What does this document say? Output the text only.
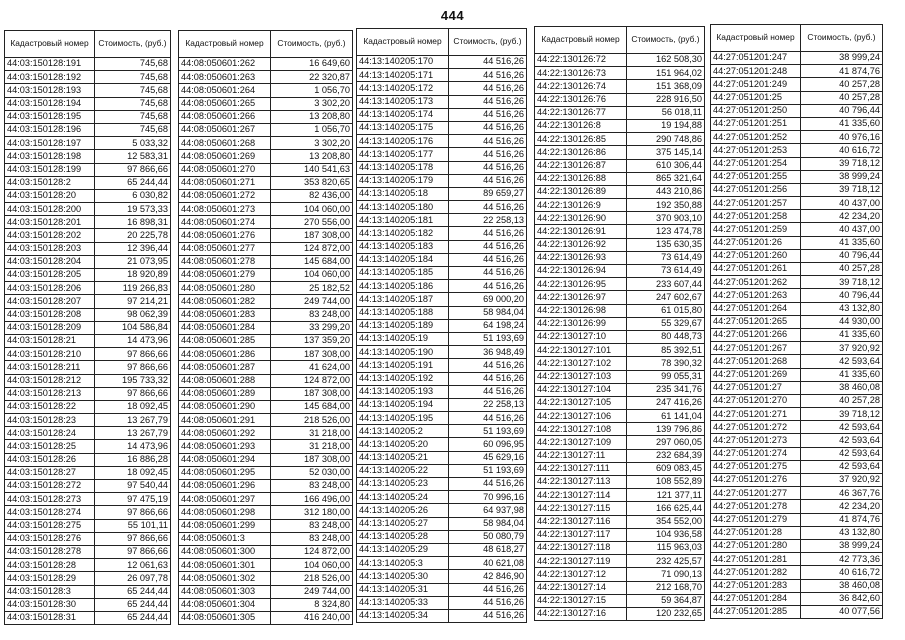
444
Кадастровый номер	Стоимость, (руб.)
44:03:150128:191	745,68
44:03:150128:192	745,68
44:03:150128:193	745,68
44:03:150128:194	745,68
44:03:150128:195	745,68
44:03:150128:196	745,68
44:03:150128:197	5 033,32
44:03:150128:198	12 583,31
44:03:150128:199	97 866,66
44:03:150128:2	65 244,44
44:03:150128:20	6 030,82
44:03:150128:200	19 573,33
44:03:150128:201	16 898,31
44:03:150128:202	20 225,78
44:03:150128:203	12 396,44
44:03:150128:204	21 073,95
44:03:150128:205	18 920,89
44:03:150128:206	119 266,83
44:03:150128:207	97 214,21
44:03:150128:208	98 062,39
44:03:150128:209	104 586,84
44:03:150128:21	14 473,96
44:03:150128:210	97 866,66
44:03:150128:211	97 866,66
44:03:150128:212	195 733,32
44:03:150128:213	97 866,66
44:03:150128:22	18 092,45
44:03:150128:23	13 267,79
44:03:150128:24	13 267,79
44:03:150128:25	14 473,96
44:03:150128:26	16 886,28
44:03:150128:27	18 092,45
44:03:150128:272	97 540,44
44:03:150128:273	97 475,19
44:03:150128:274	97 866,66
44:03:150128:275	55 101,11
44:03:150128:276	97 866,66
44:03:150128:278	97 866,66
44:03:150128:28	12 061,63
44:03:150128:29	26 097,78
44:03:150128:3	65 244,44
44:03:150128:30	65 244,44
44:03:150128:31	65 244,44
Кадастровый номер	Стоимость, (руб.)
44:08:050601:262	16 649,60
44:08:050601:263	22 320,87
44:08:050601:264	1 056,70
44:08:050601:265	3 302,20
44:08:050601:266	13 208,80
44:08:050601:267	1 056,70
44:08:050601:268	3 302,20
44:08:050601:269	13 208,80
44:08:050601:270	140 541,63
44:08:050601:271	353 820,65
44:08:050601:272	82 436,00
44:08:050601:273	104 060,00
44:08:050601:274	270 556,00
44:08:050601:276	187 308,00
44:08:050601:277	124 872,00
44:08:050601:278	145 684,00
44:08:050601:279	104 060,00
44:08:050601:280	25 182,52
44:08:050601:282	249 744,00
44:08:050601:283	83 248,00
44:08:050601:284	33 299,20
44:08:050601:285	137 359,20
44:08:050601:286	187 308,00
44:08:050601:287	41 624,00
44:08:050601:288	124 872,00
44:08:050601:289	187 308,00
44:08:050601:290	145 684,00
44:08:050601:291	218 526,00
44:08:050601:292	31 218,00
44:08:050601:293	31 218,00
44:08:050601:294	187 308,00
44:08:050601:295	52 030,00
44:08:050601:296	83 248,00
44:08:050601:297	166 496,00
44:08:050601:298	312 180,00
44:08:050601:299	83 248,00
44:08:050601:3	83 248,00
44:08:050601:300	124 872,00
44:08:050601:301	104 060,00
44:08:050601:302	218 526,00
44:08:050601:303	249 744,00
44:08:050601:304	8 324,80
44:08:050601:305	416 240,00
Кадастровый номер	Стоимость, (руб.)
44:13:140205:170	44 516,26
44:13:140205:171	44 516,26
44:13:140205:172	44 516,26
44:13:140205:173	44 516,26
44:13:140205:174	44 516,26
44:13:140205:175	44 516,26
44:13:140205:176	44 516,26
44:13:140205:177	44 516,26
44:13:140205:178	44 516,26
44:13:140205:179	44 516,26
44:13:140205:18	89 659,27
44:13:140205:180	44 516,26
44:13:140205:181	22 258,13
44:13:140205:182	44 516,26
44:13:140205:183	44 516,26
44:13:140205:184	44 516,26
44:13:140205:185	44 516,26
44:13:140205:186	44 516,26
44:13:140205:187	69 000,20
44:13:140205:188	58 984,04
44:13:140205:189	64 198,24
44:13:140205:19	51 193,69
44:13:140205:190	36 948,49
44:13:140205:191	44 516,26
44:13:140205:192	44 516,26
44:13:140205:193	44 516,26
44:13:140205:194	22 258,13
44:13:140205:195	44 516,26
44:13:140205:2	51 193,69
44:13:140205:20	60 096,95
44:13:140205:21	45 629,16
44:13:140205:22	51 193,69
44:13:140205:23	44 516,26
44:13:140205:24	70 996,16
44:13:140205:26	64 937,98
44:13:140205:27	58 984,04
44:13:140205:28	50 080,79
44:13:140205:29	48 618,27
44:13:140205:3	40 621,08
44:13:140205:30	42 846,90
44:13:140205:31	44 516,26
44:13:140205:33	44 516,26
44:13:140205:34	44 516,26
Кадастровый номер	Стоимость, (руб.)
44:22:130126:72	162 508,30
44:22:130126:73	151 964,02
44:22:130126:74	151 368,09
44:22:130126:76	228 916,50
44:22:130126:77	56 018,11
44:22:130126:8	19 194,88
44:22:130126:85	290 748,86
44:22:130126:86	375 145,14
44:22:130126:87	610 306,44
44:22:130126:88	865 321,64
44:22:130126:89	443 210,86
44:22:130126:9	192 350,88
44:22:130126:90	370 903,10
44:22:130126:91	123 474,78
44:22:130126:92	135 630,35
44:22:130126:93	73 614,49
44:22:130126:94	73 614,49
44:22:130126:95	233 607,44
44:22:130126:97	247 602,67
44:22:130126:98	61 015,80
44:22:130126:99	55 329,67
44:22:130127:10	80 448,73
44:22:130127:101	85 392,51
44:22:130127:102	78 390,32
44:22:130127:103	99 055,31
44:22:130127:104	235 341,76
44:22:130127:105	247 416,26
44:22:130127:106	61 141,04
44:22:130127:108	139 796,86
44:22:130127:109	297 060,05
44:22:130127:11	232 684,39
44:22:130127:111	609 083,45
44:22:130127:113	108 552,89
44:22:130127:114	121 377,11
44:22:130127:115	166 625,44
44:22:130127:116	354 552,00
44:22:130127:117	104 936,58
44:22:130127:118	115 963,03
44:22:130127:119	232 425,57
44:22:130127:12	71 090,13
44:22:130127:14	212 168,70
44:22:130127:15	59 364,87
44:22:130127:16	120 232,65
Кадастровый номер	Стоимость, (руб.)
44:27:051201:247	38 999,24
44:27:051201:248	41 874,76
44:27:051201:249	40 257,28
44:27:051201:25	40 257,28
44:27:051201:250	40 796,44
44:27:051201:251	41 335,60
44:27:051201:252	40 976,16
44:27:051201:253	40 616,72
44:27:051201:254	39 718,12
44:27:051201:255	38 999,24
44:27:051201:256	39 718,12
44:27:051201:257	40 437,00
44:27:051201:258	42 234,20
44:27:051201:259	40 437,00
44:27:051201:26	41 335,60
44:27:051201:260	40 796,44
44:27:051201:261	40 257,28
44:27:051201:262	39 718,12
44:27:051201:263	40 796,44
44:27:051201:264	43 132,80
44:27:051201:265	44 930,00
44:27:051201:266	41 335,60
44:27:051201:267	37 920,92
44:27:051201:268	42 593,64
44:27:051201:269	41 335,60
44:27:051201:27	38 460,08
44:27:051201:270	40 257,28
44:27:051201:271	39 718,12
44:27:051201:272	42 593,64
44:27:051201:273	42 593,64
44:27:051201:274	42 593,64
44:27:051201:275	42 593,64
44:27:051201:276	37 920,92
44:27:051201:277	46 367,76
44:27:051201:278	42 234,20
44:27:051201:279	41 874,76
44:27:051201:28	43 132,80
44:27:051201:280	38 999,24
44:27:051201:281	42 773,36
44:27:051201:282	40 616,72
44:27:051201:283	38 460,08
44:27:051201:284	36 842,60
44:27:051201:285	40 077,56
